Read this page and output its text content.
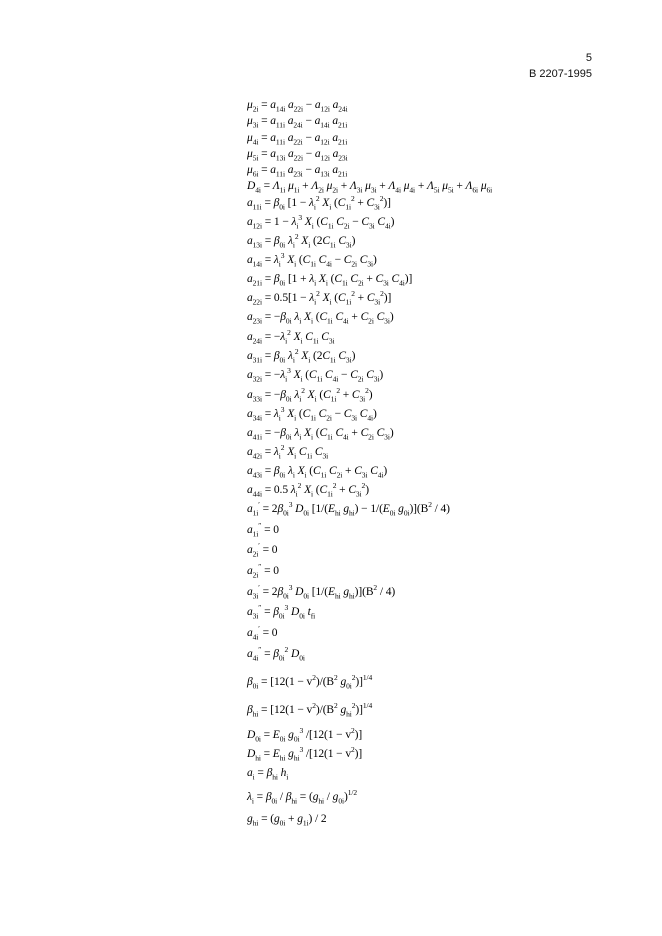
5
В 2207-1995
$\mu_{2i} = a_{14i}$ $a_{22i} - a_{12i}$ $a_{24i}$
$\mu_{3i} = a_{11i}$ $a_{24i} - a_{14i}$ $a_{21i}$
$\mu_{4i} = a_{11i}$ $a_{22i} - a_{12i}$ $a_{21i}$
$\mu_{5i} = a_{13i}$ $a_{22i} - a_{12i}$ $a_{23i}$
$\mu_{6i} = a_{11i}$ $a_{23i} - a_{13i}$ $a_{21i}$
$D_{4i} = \Lambda_{1i}$ $\mu_{1i} + \Lambda_{2i}$ $\mu_{2i} + \Lambda_{3i}$ $\mu_{3i} + \Lambda_{4i}$ $\mu_{4i} + \Lambda_{5i}$ $\mu_{5i} + \Lambda_{6i}$ $\mu_{6i}$
$a_{11i} = \beta_{0i}$ [$1 - \lambda_i^2$ $X_i$ $(C_{1i}^2 + C_{3i}^2)$]
$a_{12i} = 1 - \lambda_i^3$ $X_i$ ($C_{1i}$ $C_{2i} - C_{3i}$ $C_{4i}$)
$a_{13i} = \beta_{0i}$ $\lambda_i^2$ $X_i$ ($2C_{1i}$ $C_{3i}$)
$a_{14i} = \lambda_i^3$ $X_i$ ($C_{1i}$ $C_{4i} - C_{2i}$ $C_{3i}$)
$a_{21i} = \beta_{0i}$ [$1 + \lambda_i$ $X_i$ ($C_{1i}$ $C_{2i} + C_{3i}$ $C_{4i}$)]
$a_{22i} = 0.5[1 - \lambda_i^2$ $X_i$ $(C_{1i}^2 + C_{3i}^2)$]
$a_{23i} = -\beta_{0i}$ $\lambda_i$ $X_i$ ($C_{1i}$ $C_{4i} + C_{2i}$ $C_{3i}$)
$a_{24i} = -\lambda_i^2$ $X_i$ $C_{1i}$ $C_{3i}$
$a_{31i} = \beta_{0i}$ $\lambda_i^2$ $X_i$ ($2C_{1i}$ $C_{3i}$)
$a_{32i} = -\lambda_i^3$ $X_i$ ($C_{1i}$ $C_{4i} - C_{2i}$ $C_{3i}$)
$a_{33i} = -\beta_{0i}$ $\lambda_i^2$ $X_i$ $(C_{1i}^2 + C_{3i}^2)$
$a_{34i} = \lambda_i^3$ $X_i$ ($C_{1i}$ $C_{2i} - C_{3i}$ $C_{4i}$)
$a_{41i} = -\beta_{0i}$ $\lambda_i$ $X_i$ ($C_{1i}$ $C_{4i} + C_{2i}$ $C_{3i}$)
$a_{42i} = \lambda_i^2$ $X_i$ $C_{1i}$ $C_{3i}$
$a_{43i} = \beta_{0i}$ $\lambda_i$ $X_i$ ($C_{1i}$ $C_{2i} + C_{3i}$ $C_{4i}$)
$a_{44i} = 0.5$ $\lambda_i^2$ $X_i$ $(C_{1i}^2 + C_{3i}^2)$
$a_{1i}' = 2\beta_{0i}^3$ $D_{0i}$ [$1/(E_{hi}$ $g_{hi}) - 1/(E_{0i}$ $g_{0i})](B^2 / 4)$
$a_{1i}'' = 0$
$a_{2i}' = 0$
$a_{2i}'' = 0$
$a_{3i}' = 2\beta_{0i}^3$ $D_{0i}$ [$1/(E_{hi}$ $g_{hi})](B^2 / 4)$
$a_{3i}'' = \beta_{0i}^3$ $D_{0i}$ $t_{fi}$
$a_{4i}' = 0$
$a_{4i}'' = \beta_{0i}^2$ $D_{0i}$
$\beta_{0i} = [12(1 - v^2)/(B^2$ $g_{0i}^2)]^{1/4}$
$\beta_{hi} = [12(1 - v^2)/(B^2$ $g_{hi}^2)]^{1/4}$
$D_{0i} = E_{0i}$ $g_{0i}^3$ $/[12(1 - v^2)]$
$D_{hi} = E_{hi}$ $g_{hi}^3$ $/[12(1 - v^2)]$
$a_i = \beta_{hi}$ $h_i$
$\lambda_i = \beta_{0i} / \beta_{hi} = (g_{hi} / g_{0i})^{1/2}$
$g_{hi} = (g_{0i} + g_{1i}) / 2$
